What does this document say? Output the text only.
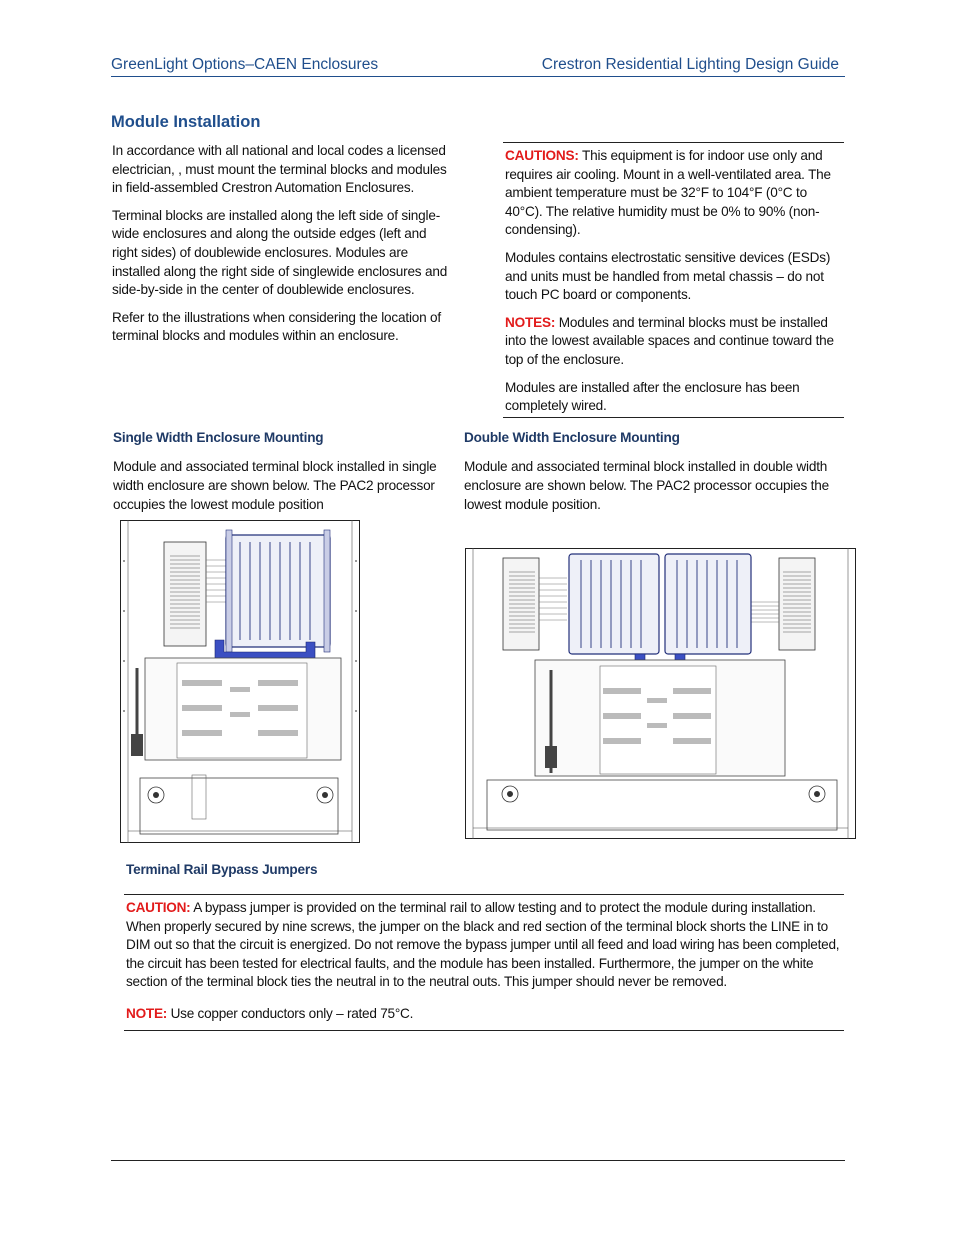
GreenLight Options–CAEN Enclosures	Crestron Residential Lighting Design Guide
Module Installation

In accordance with all national and local codes a licensed electrician, , must mount the terminal blocks and modules in field-assembled Crestron Automation Enclosures.

Terminal blocks are installed along the left side of single-wide enclosures and along the outside edges (left and right sides) of doublewide enclosures. Modules are installed along the right side of singlewide enclosures and side-by-side in the center of doublewide enclosures.

Refer to the illustrations when considering the location of terminal blocks and modules within an enclosure.

CAUTIONS: This equipment is for indoor use only and requires air cooling. Mount in a well-ventilated area. The ambient temperature must be 32°F to 104°F (0°C to 40°C). The relative humidity must be 0% to 90% (non-condensing).

Modules contains electrostatic sensitive devices (ESDs) and units must be handled from metal chassis – do not touch PC board or components.

NOTES: Modules and terminal blocks must be installed into the lowest available spaces and continue toward the top of the enclosure.

Modules are installed after the enclosure has been completely wired.

Single Width Enclosure Mounting
Module and associated terminal block installed in single width enclosure are shown below. The PAC2 processor occupies the lowest module position
Double Width Enclosure Mounting
Module and associated terminal block installed in double width enclosure are shown below. The PAC2 processor occupies the lowest module position.
Terminal Rail Bypass Jumpers

CAUTION: A bypass jumper is provided on the terminal rail to allow testing and to protect the module during installation. When properly secured by nine screws, the jumper on the black and red section of the terminal block shorts the LINE in to DIM out so that the circuit is energized. Do not remove the bypass jumper until all feed and load wiring has been completed, the circuit has been tested for electrical faults, and the module has been installed. Furthermore, the jumper on the white section of the terminal block ties the neutral in to the neutral outs. This jumper should never be removed.

NOTE: Use copper conductors only – rated 75°C.
